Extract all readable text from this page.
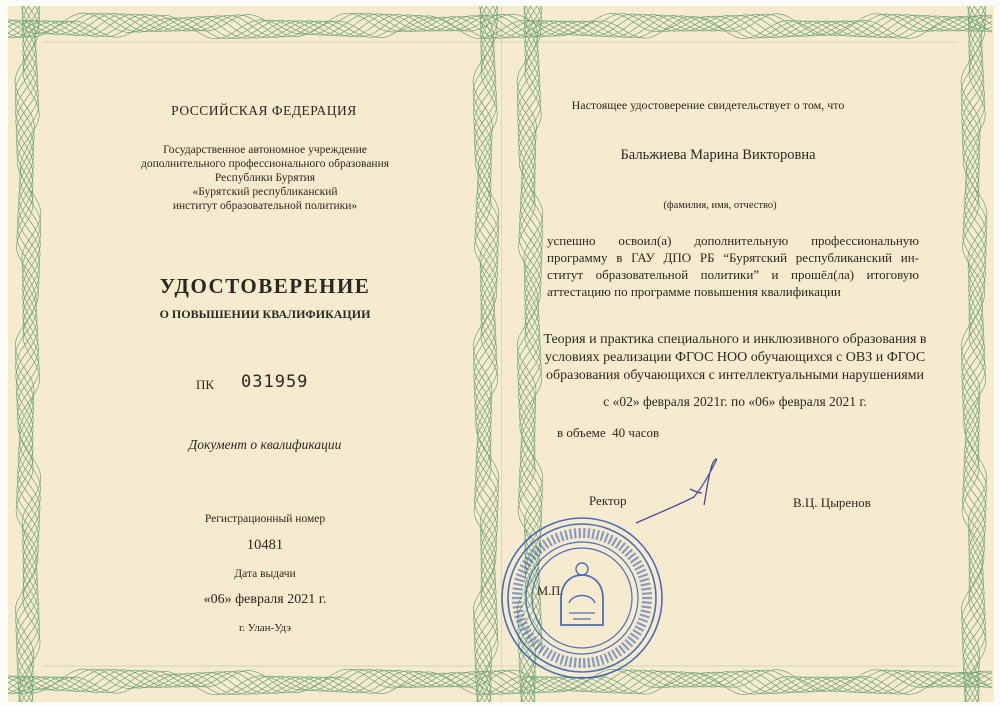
РОССИЙСКАЯ ФЕДЕРАЦИЯ
Государственное автономное учреждение
дополнительного профессионального образования
Республики Бурятия
«Бурятский республиканский
институт образовательной политики»
УДОСТОВЕРЕНИЕ
О ПОВЫШЕНИИ КВАЛИФИКАЦИИ
ПК 031959
Документ о квалификации
Регистрационный номер
10481
Дата выдачи
«06» февраля 2021 г.
г. Улан-Удэ
Настоящее удостоверение свидетельствует о том, что
Бальжиева Марина Викторовна
(фамилия, имя, отчество)
успешно освоил(а) дополнительную профессиональную
программу в ГАУ ДПО РБ “Бурятский республиканский ин-
ститут образовательной политики” и прошёл(ла) итоговую
аттестацию по программе повышения квалификации
Теория и практика специального и инклюзивного образования в
условиях реализации ФГОС НОО обучающихся с ОВЗ и ФГОС
образования обучающихся с интеллектуальными нарушениями
с «02» февраля 2021г. по «06» февраля 2021 г.
в объеме  40 часов
Ректор	В.Ц. Цыренов
М.П.
